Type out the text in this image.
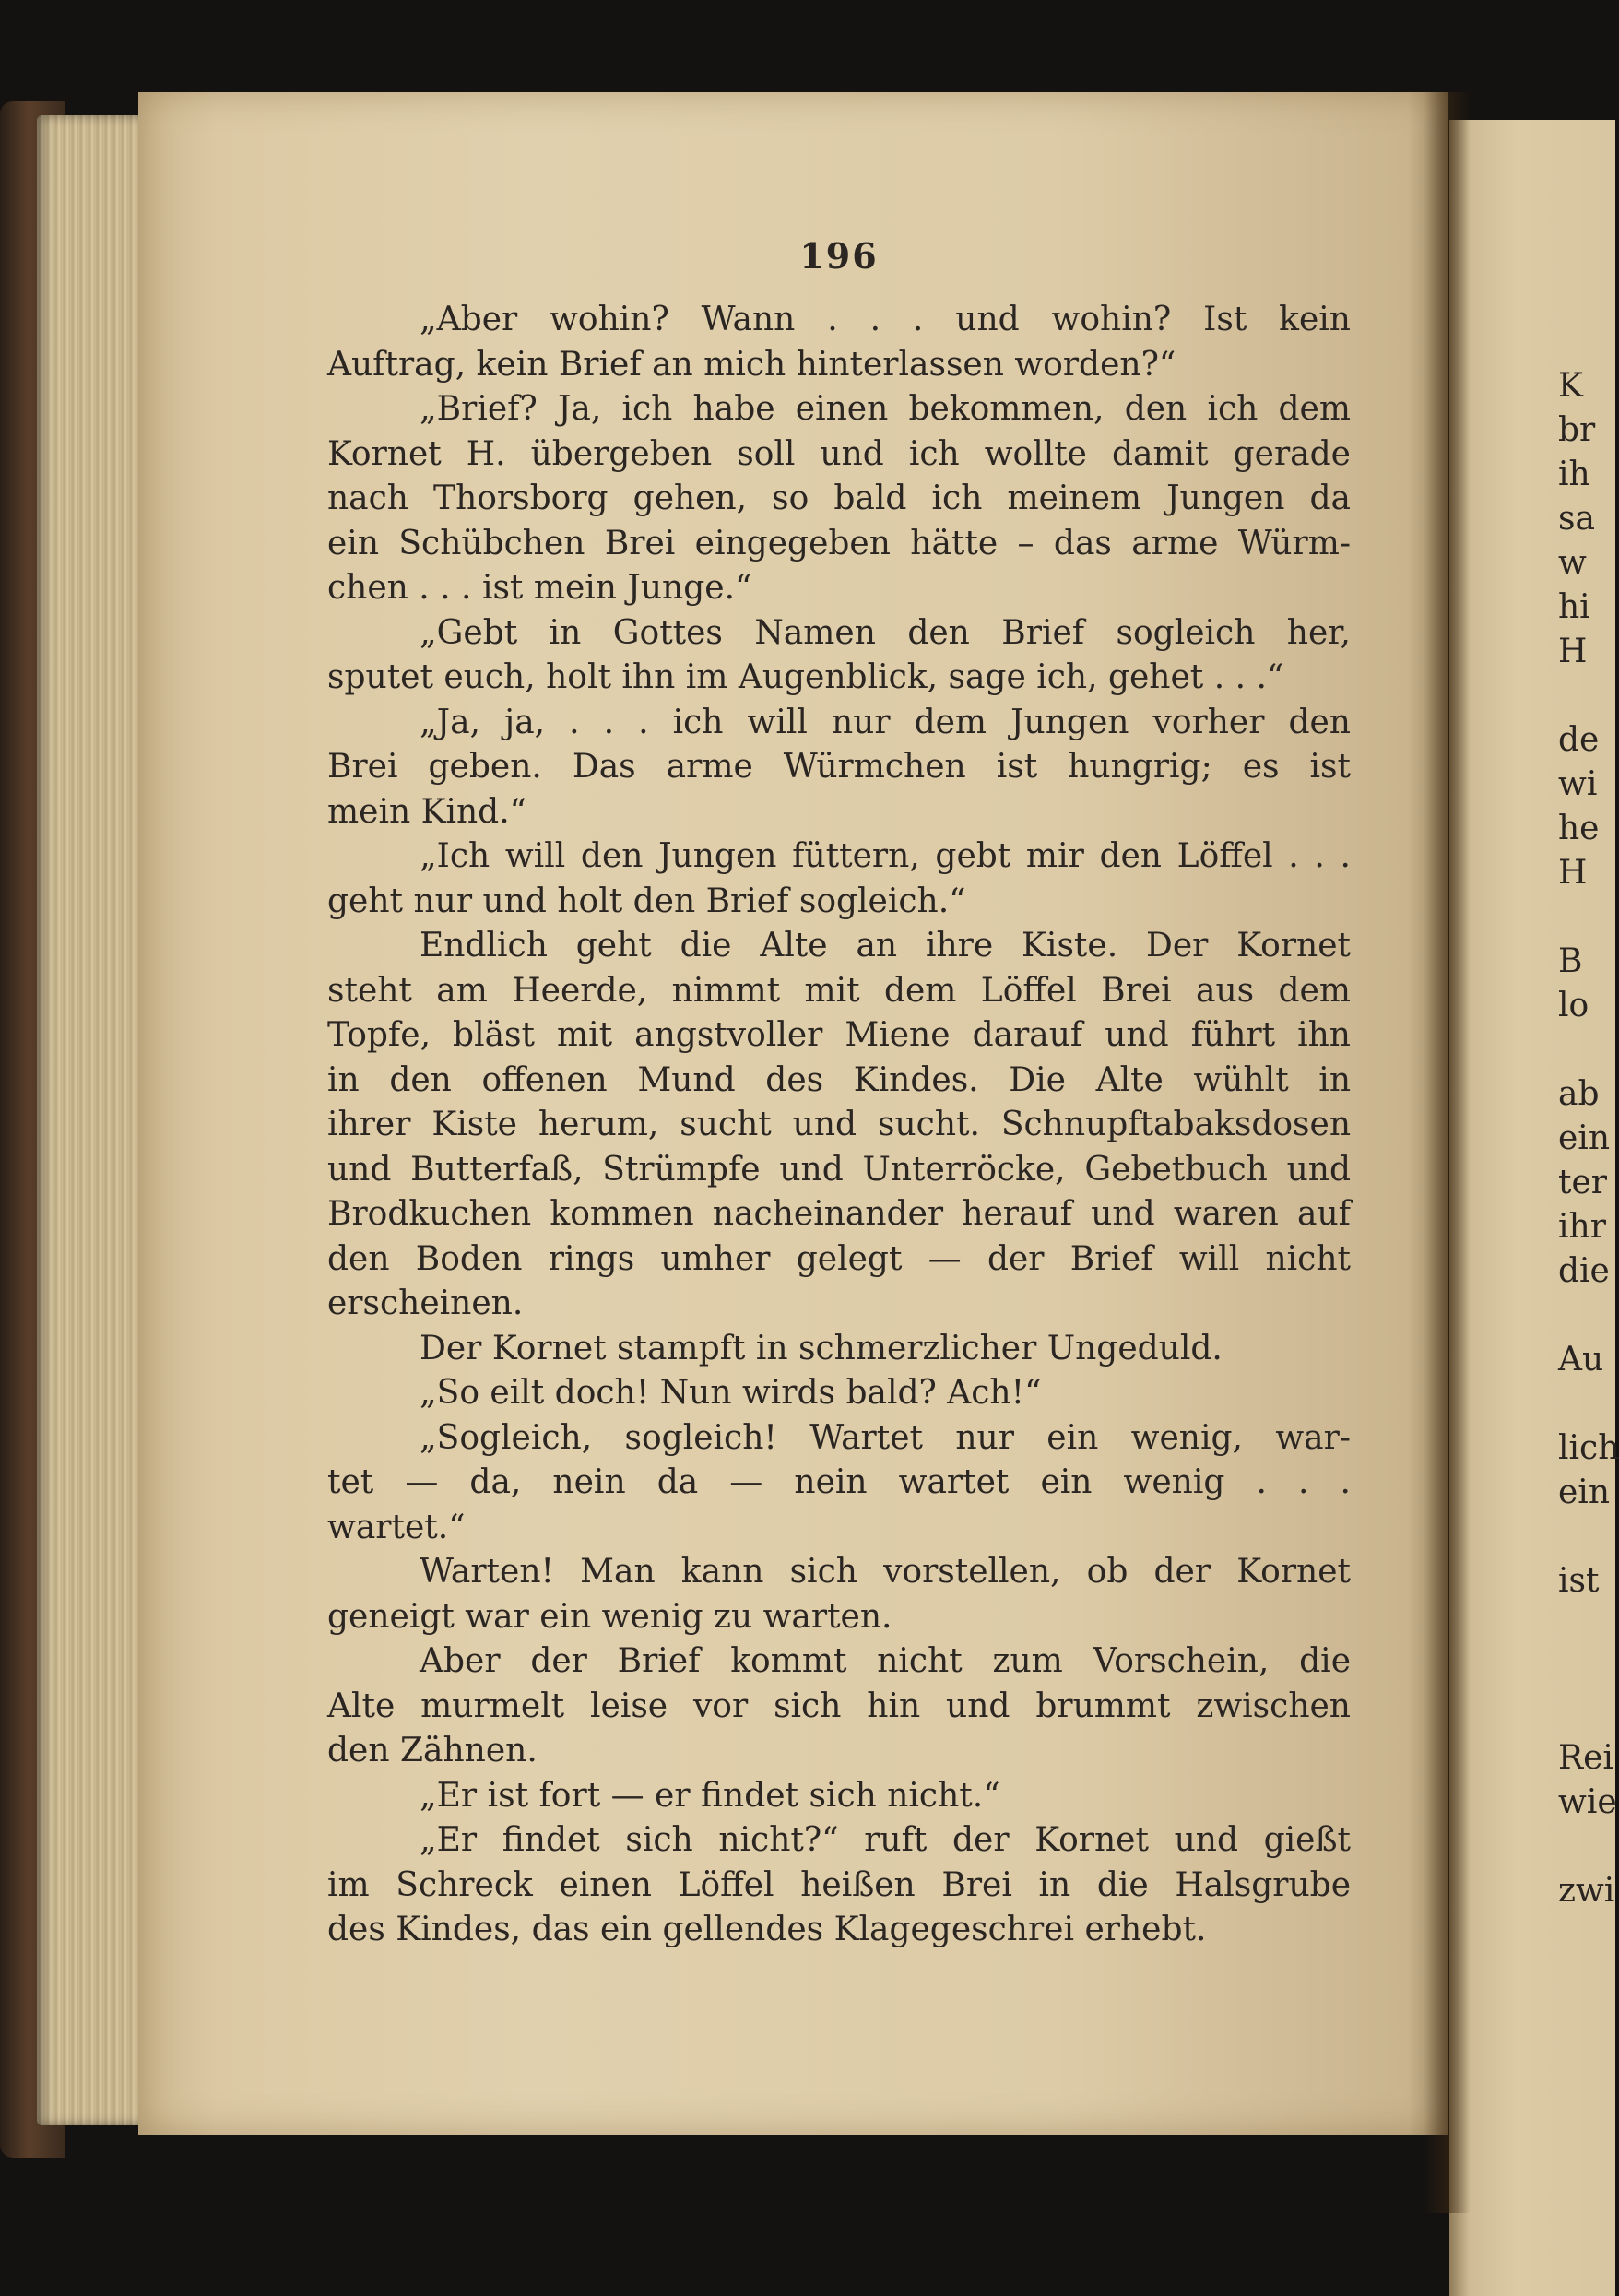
K
br
ih
sa
w
hi
H
de
wi
he
H
B
lo
ab
ein
ter
ihr
die
Au
lich
ein
ist
Rei
wie
zwi
196
„Aber wohin? Wann . . . und wohin? Ist kein
Auftrag, kein Brief an mich hinterlassen worden?“
„Brief? Ja, ich habe einen bekommen, den ich dem
Kornet H. übergeben soll und ich wollte damit gerade
nach Thorsborg gehen, so bald ich meinem Jungen da
ein Schübchen Brei eingegeben hätte – das arme Würm-
chen . . . ist mein Junge.“
„Gebt in Gottes Namen den Brief sogleich her,
sputet euch, holt ihn im Augenblick, sage ich, gehet . . .“
„Ja, ja, . . . ich will nur dem Jungen vorher den
Brei geben. Das arme Würmchen ist hungrig; es ist
mein Kind.“
„Ich will den Jungen füttern, gebt mir den Löffel . . .
geht nur und holt den Brief sogleich.“
Endlich geht die Alte an ihre Kiste. Der Kornet
steht am Heerde, nimmt mit dem Löffel Brei aus dem
Topfe, bläst mit angstvoller Miene darauf und führt ihn
in den offenen Mund des Kindes. Die Alte wühlt in
ihrer Kiste herum, sucht und sucht. Schnupftabaksdosen
und Butterfaß, Strümpfe und Unterröcke, Gebetbuch und
Brodkuchen kommen nacheinander herauf und waren auf
den Boden rings umher gelegt — der Brief will nicht
erscheinen.
Der Kornet stampft in schmerzlicher Ungeduld.
„So eilt doch! Nun wirds bald? Ach!“
„Sogleich, sogleich! Wartet nur ein wenig, war-
tet — da, nein da — nein wartet ein wenig . . .
wartet.“
Warten! Man kann sich vorstellen, ob der Kornet
geneigt war ein wenig zu warten.
Aber der Brief kommt nicht zum Vorschein, die
Alte murmelt leise vor sich hin und brummt zwischen
den Zähnen.
„Er ist fort — er findet sich nicht.“
„Er findet sich nicht?“ ruft der Kornet und gießt
im Schreck einen Löffel heißen Brei in die Halsgrube
des Kindes, das ein gellendes Klagegeschrei erhebt.
